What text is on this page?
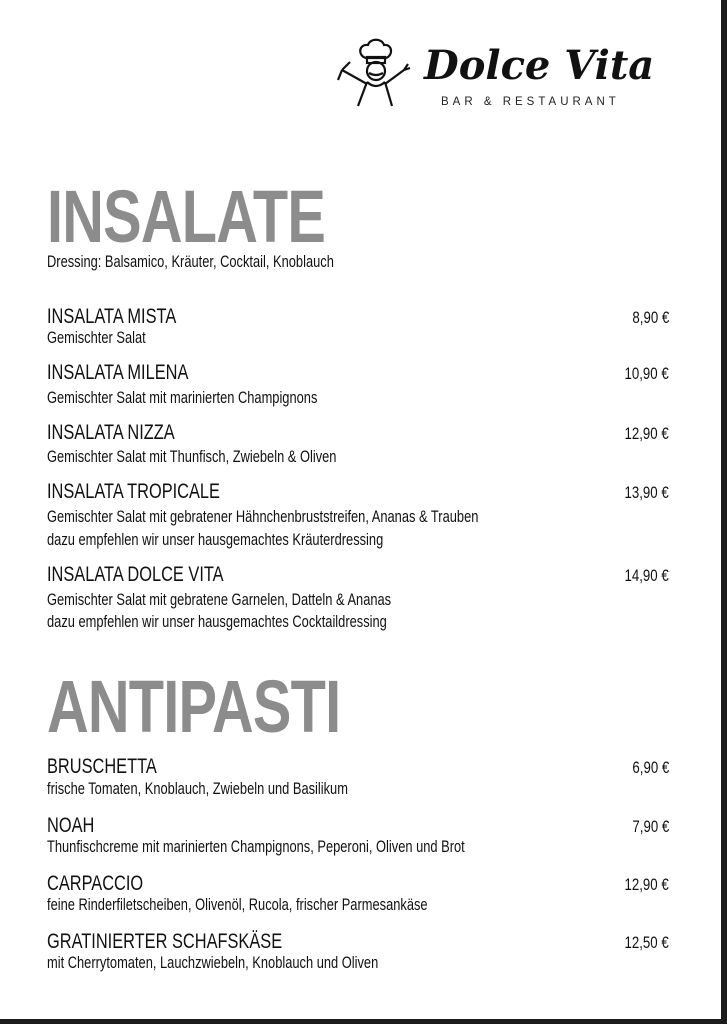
Dolce Vita
BAR & RESTAURANT
INSALATE
Dressing: Balsamico, Kräuter, Cocktail, Knoblauch
INSALATA MISTA
Gemischter Salat
8,90 €
INSALATA MILENA
Gemischter Salat mit marinierten Champignons
10,90 €
INSALATA NIZZA
Gemischter Salat mit Thunfisch, Zwiebeln & Oliven
12,90 €
INSALATA TROPICALE
Gemischter Salat mit gebratener Hähnchenbruststreifen, Ananas & Trauben
dazu empfehlen wir unser hausgemachtes Kräuterdressing
13,90 €
INSALATA DOLCE VITA
Gemischter Salat mit gebratene Garnelen, Datteln & Ananas
dazu empfehlen wir unser hausgemachtes Cocktaildressing
14,90 €
ANTIPASTI
BRUSCHETTA
frische Tomaten, Knoblauch, Zwiebeln und Basilikum
6,90 €
NOAH
Thunfischcreme mit marinierten Champignons, Peperoni, Oliven und Brot
7,90 €
CARPACCIO
feine Rinderfiletscheiben, Olivenöl, Rucola, frischer Parmesankäse
12,90 €
GRATINIERTER SCHAFSKÄSE
mit Cherrytomaten, Lauchzwiebeln, Knoblauch und Oliven
12,50 €
